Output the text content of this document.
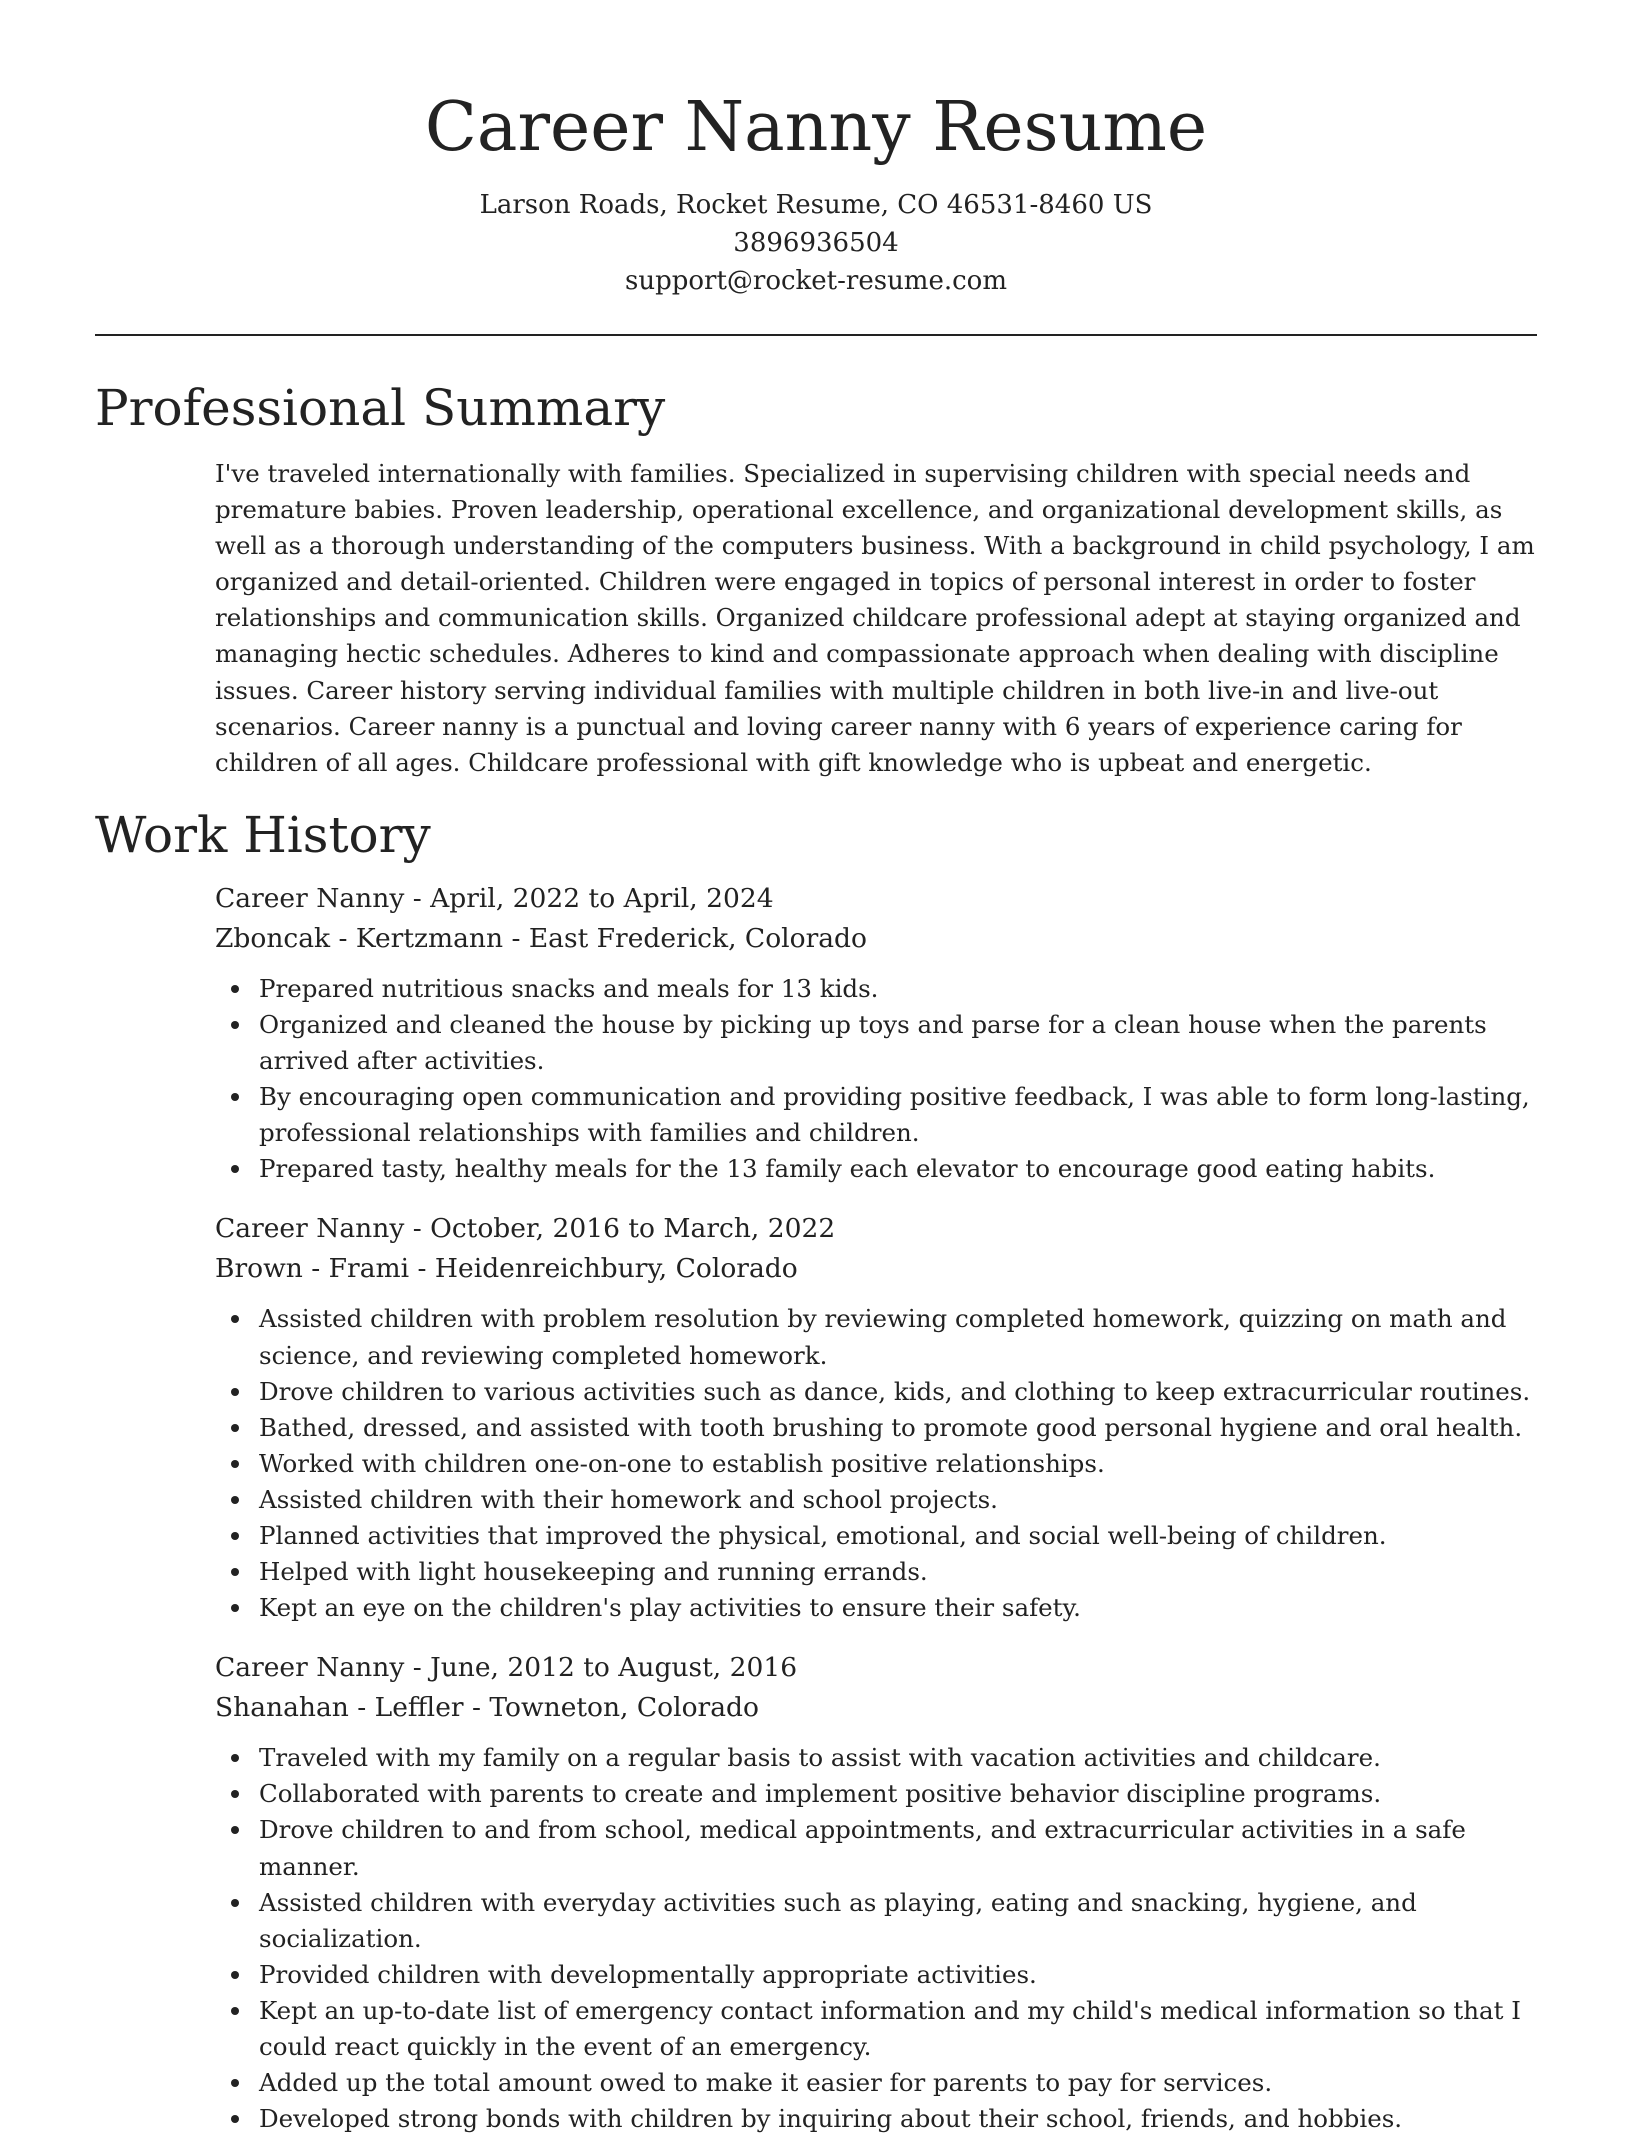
Career Nanny Resume
Larson Roads, Rocket Resume, CO 46531-8460 US
3896936504
support@rocket-resume.com
Professional Summary

I've traveled internationally with families. Specialized in supervising children with special needs and premature babies. Proven leadership, operational excellence, and organizational development skills, as well as a thorough understanding of the computers business. With a background in child psychology, I am organized and detail-oriented. Children were engaged in topics of personal interest in order to foster relationships and communication skills. Organized childcare professional adept at staying organized and managing hectic schedules. Adheres to kind and compassionate approach when dealing with discipline issues. Career history serving individual families with multiple children in both live-in and live-out scenarios. Career nanny is a punctual and loving career nanny with 6 years of experience caring for children of all ages. Childcare professional with gift knowledge who is upbeat and energetic.

Work History
Career Nanny - April, 2022 to April, 2024
Zboncak - Kertzmann - East Frederick, Colorado
Prepared nutritious snacks and meals for 13 kids.
Organized and cleaned the house by picking up toys and parse for a clean house when the parents arrived after activities.
By encouraging open communication and providing positive feedback, I was able to form long-lasting, professional relationships with families and children.
Prepared tasty, healthy meals for the 13 family each elevator to encourage good eating habits.
Career Nanny - October, 2016 to March, 2022
Brown - Frami - Heidenreichbury, Colorado
Assisted children with problem resolution by reviewing completed homework, quizzing on math and science, and reviewing completed homework.
Drove children to various activities such as dance, kids, and clothing to keep extracurricular routines.
Bathed, dressed, and assisted with tooth brushing to promote good personal hygiene and oral health.
Worked with children one-on-one to establish positive relationships.
Assisted children with their homework and school projects.
Planned activities that improved the physical, emotional, and social well-being of children.
Helped with light housekeeping and running errands.
Kept an eye on the children's play activities to ensure their safety.
Career Nanny - June, 2012 to August, 2016
Shanahan - Leffler - Towneton, Colorado
Traveled with my family on a regular basis to assist with vacation activities and childcare.
Collaborated with parents to create and implement positive behavior discipline programs.
Drove children to and from school, medical appointments, and extracurricular activities in a safe manner.
Assisted children with everyday activities such as playing, eating and snacking, hygiene, and socialization.
Provided children with developmentally appropriate activities.
Kept an up-to-date list of emergency contact information and my child's medical information so that I could react quickly in the event of an emergency.
Added up the total amount owed to make it easier for parents to pay for services.
Developed strong bonds with children by inquiring about their school, friends, and hobbies.
